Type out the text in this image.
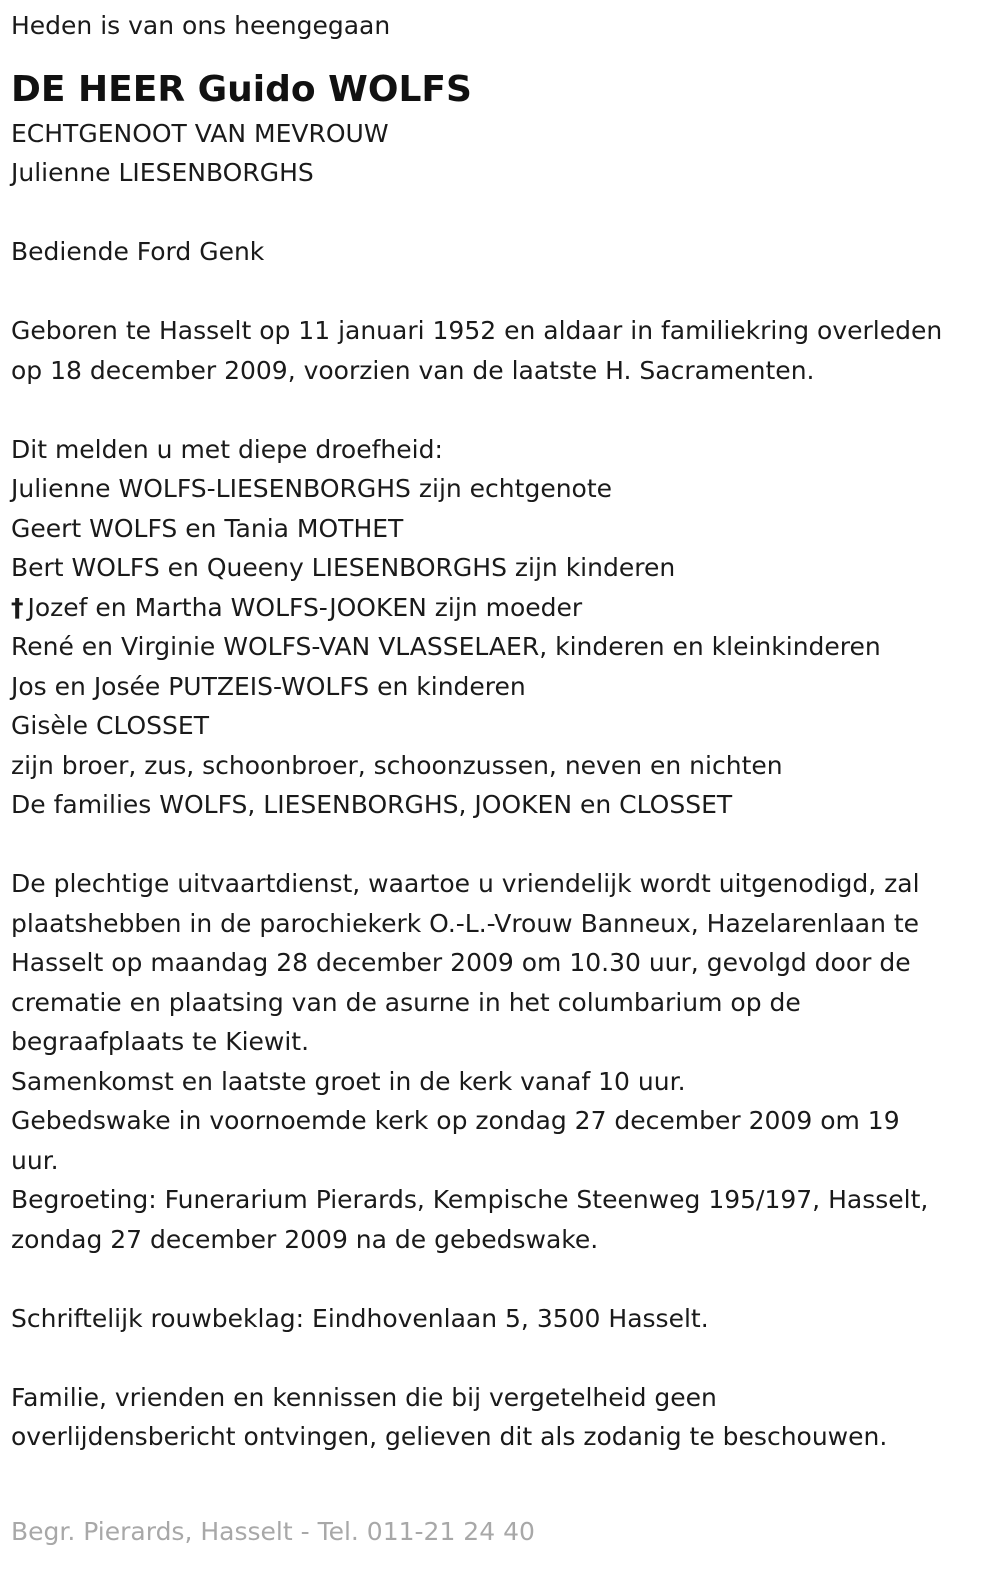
Heden is van ons heengegaan

DE HEER Guido WOLFS

ECHTGENOOT VAN MEVROUW

Julienne LIESENBORGHS

Bediende Ford Genk

Geboren te Hasselt op 11 januari 1952 en aldaar in familiekring overleden

op 18 december 2009, voorzien van de laatste H. Sacramenten.

Dit melden u met diepe droefheid:

Julienne WOLFS-LIESENBORGHS zijn echtgenote

Geert WOLFS en Tania MOTHET

Bert WOLFS en Queeny LIESENBORGHS zijn kinderen

† Jozef en Martha WOLFS-JOOKEN zijn moeder

René en Virginie WOLFS-VAN VLASSELAER, kinderen en kleinkinderen

Jos en Josée PUTZEIS-WOLFS en kinderen

Gisèle CLOSSET

zijn broer, zus, schoonbroer, schoonzussen, neven en nichten

De families WOLFS, LIESENBORGHS, JOOKEN en CLOSSET

De plechtige uitvaartdienst, waartoe u vriendelijk wordt uitgenodigd, zal

plaatshebben in de parochiekerk O.-L.-Vrouw Banneux, Hazelarenlaan te

Hasselt op maandag 28 december 2009 om 10.30 uur, gevolgd door de

crematie en plaatsing van de asurne in het columbarium op de

begraafplaats te Kiewit.

Samenkomst en laatste groet in de kerk vanaf 10 uur.

Gebedswake in voornoemde kerk op zondag 27 december 2009 om 19

uur.

Begroeting: Funerarium Pierards, Kempische Steenweg 195/197, Hasselt,

zondag 27 december 2009 na de gebedswake.

Schriftelijk rouwbeklag: Eindhovenlaan 5, 3500 Hasselt.

Familie, vrienden en kennissen die bij vergetelheid geen

overlijdensbericht ontvingen, gelieven dit als zodanig te beschouwen.

Begr. Pierards, Hasselt - Tel. 011-21 24 40
